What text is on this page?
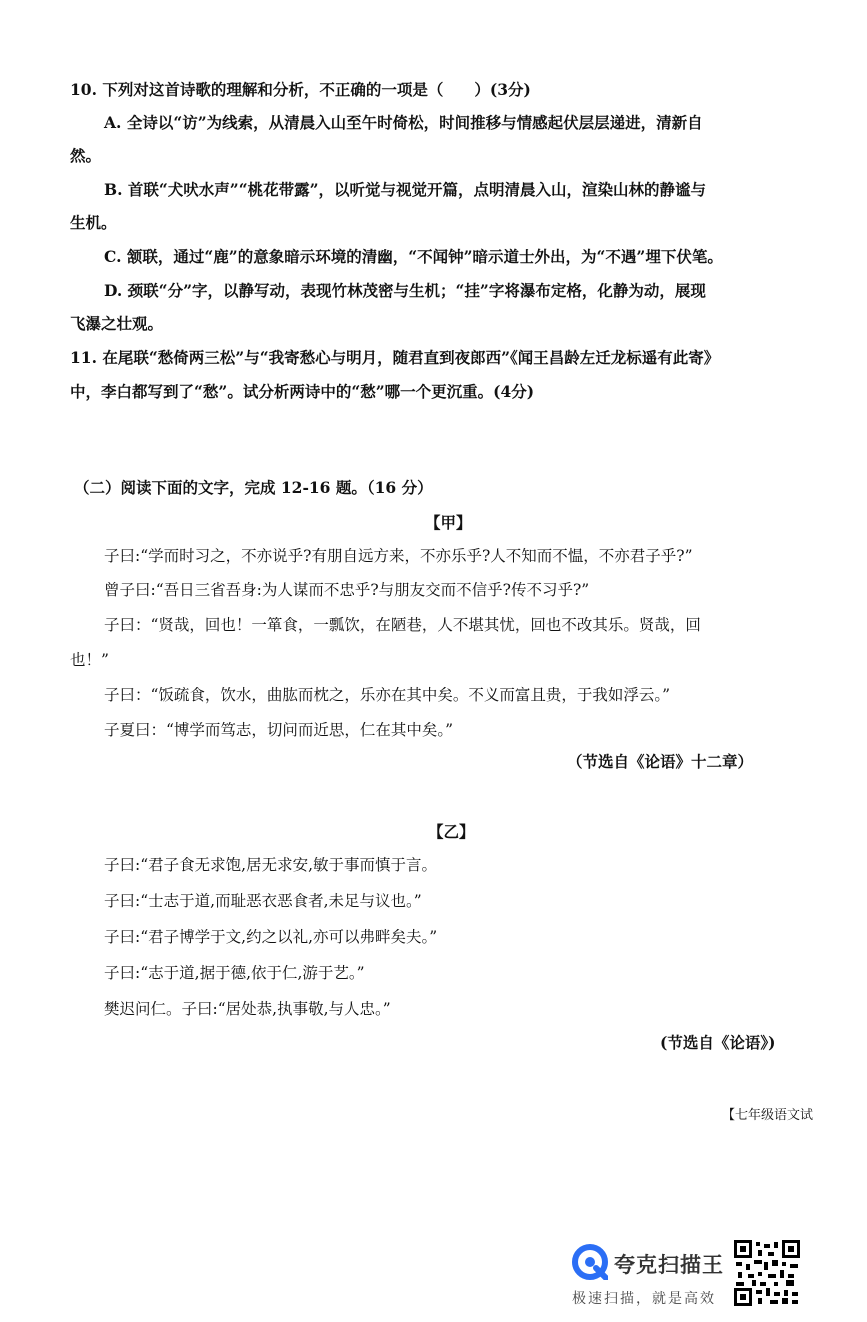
10. 下列对这首诗歌的理解和分析，不正确的一项是（　　）(3分)
A. 全诗以“访”为线索，从清晨入山至午时倚松，时间推移与情感起伏层层递进，清新自
然。
B. 首联“犬吠水声”“桃花带露”，以听觉与视觉开篇，点明清晨入山，渲染山林的静谧与
生机。
C. 颔联，通过“鹿”的意象暗示环境的清幽，“不闻钟”暗示道士外出，为“不遇”埋下伏笔。
D. 颈联“分”字，以静写动，表现竹林茂密与生机；“挂”字将瀑布定格，化静为动，展现
飞瀑之壮观。
11. 在尾联“愁倚两三松”与“我寄愁心与明月，随君直到夜郎西”《闻王昌龄左迁龙标遥有此寄》
中，李白都写到了“愁”。试分析两诗中的“愁”哪一个更沉重。(4分)
（二）阅读下面的文字，完成 12-16 题。（16 分）
【甲】
子曰:“学而时习之，不亦说乎?有朋自远方来，不亦乐乎?人不知而不愠，不亦君子乎?”
曾子曰:“吾日三省吾身:为人谋而不忠乎?与朋友交而不信乎?传不习乎?”
子曰：“贤哉，回也！一箪食，一瓢饮，在陋巷，人不堪其忧，回也不改其乐。贤哉，回
也！”
子曰：“饭疏食，饮水，曲肱而枕之，乐亦在其中矣。不义而富且贵，于我如浮云。”
子夏曰：“博学而笃志，切问而近思，仁在其中矣。”
（节选自《论语》十二章）
【乙】
子曰:“君子食无求饱,居无求安,敏于事而慎于言。
子曰:“士志于道,而耻恶衣恶食者,未足与议也。”
子曰:“君子博学于文,约之以礼,亦可以弗畔矣夫。”
子曰:“志于道,据于德,依于仁,游于艺。”
樊迟问仁。子曰:“居处恭,执事敬,与人忠。”
(节选自《论语》)
【七年级语文试
夸克扫描王
极速扫描，就是高效
